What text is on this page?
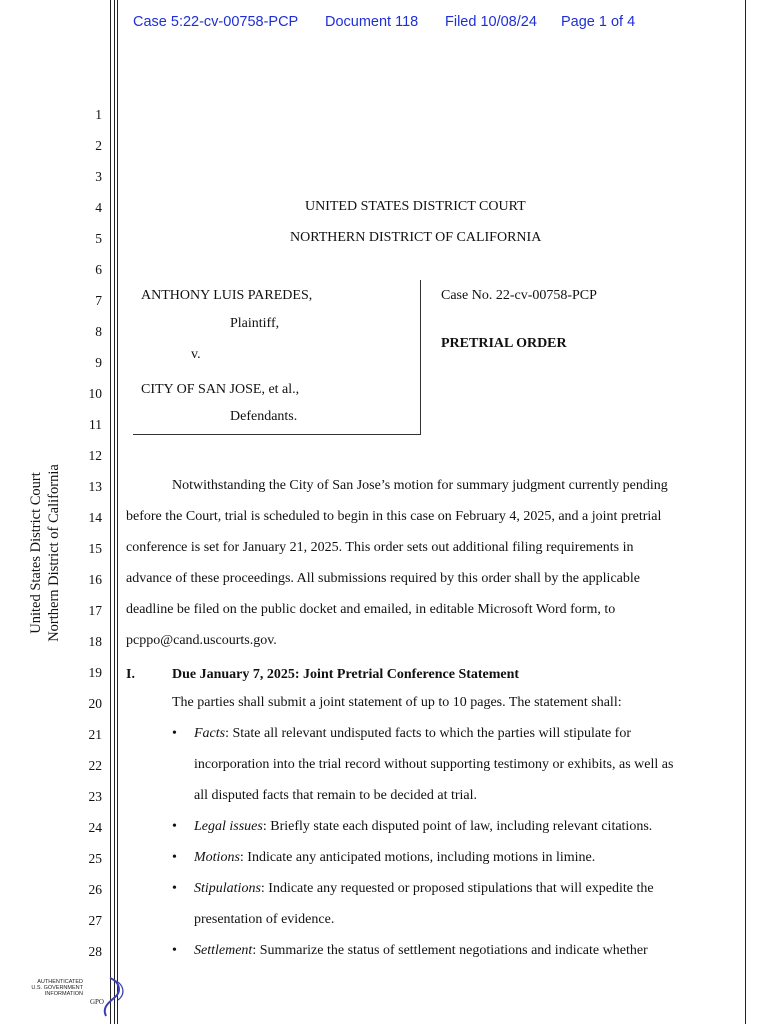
Case 5:22-cv-00758-PCP Document 118 Filed 10/08/24 Page 1 of 4
1
2
3
4
5
6
7
8
9
10
11
12
13
14
15
16
17
18
19
20
21
22
23
24
25
26
27
28
United States District Court Northern District of California
UNITED STATES DISTRICT COURT
NORTHERN DISTRICT OF CALIFORNIA
ANTHONY LUIS PAREDES,
Plaintiff,
v.
CITY OF SAN JOSE, et al.,
Defendants.
Case No. 22-cv-00758-PCP
PRETRIAL ORDER
Notwithstanding the City of San Jose’s motion for summary judgment currently pending
before the Court, trial is scheduled to begin in this case on February 4, 2025, and a joint pretrial
conference is set for January 21, 2025. This order sets out additional filing requirements in
advance of these proceedings. All submissions required by this order shall by the applicable
deadline be filed on the public docket and emailed, in editable Microsoft Word form, to
pcppo@cand.uscourts.gov.
I.	Due January 7, 2025: Joint Pretrial Conference Statement
The parties shall submit a joint statement of up to 10 pages. The statement shall:
• Facts: State all relevant undisputed facts to which the parties will stipulate for
incorporation into the trial record without supporting testimony or exhibits, as well as
all disputed facts that remain to be decided at trial.
• Legal issues: Briefly state each disputed point of law, including relevant citations.
• Motions: Indicate any anticipated motions, including motions in limine.
• Stipulations: Indicate any requested or proposed stipulations that will expedite the
presentation of evidence.
• Settlement: Summarize the status of settlement negotiations and indicate whether
AUTHENTICATED
U.S. GOVERNMENT
INFORMATION
GPO
